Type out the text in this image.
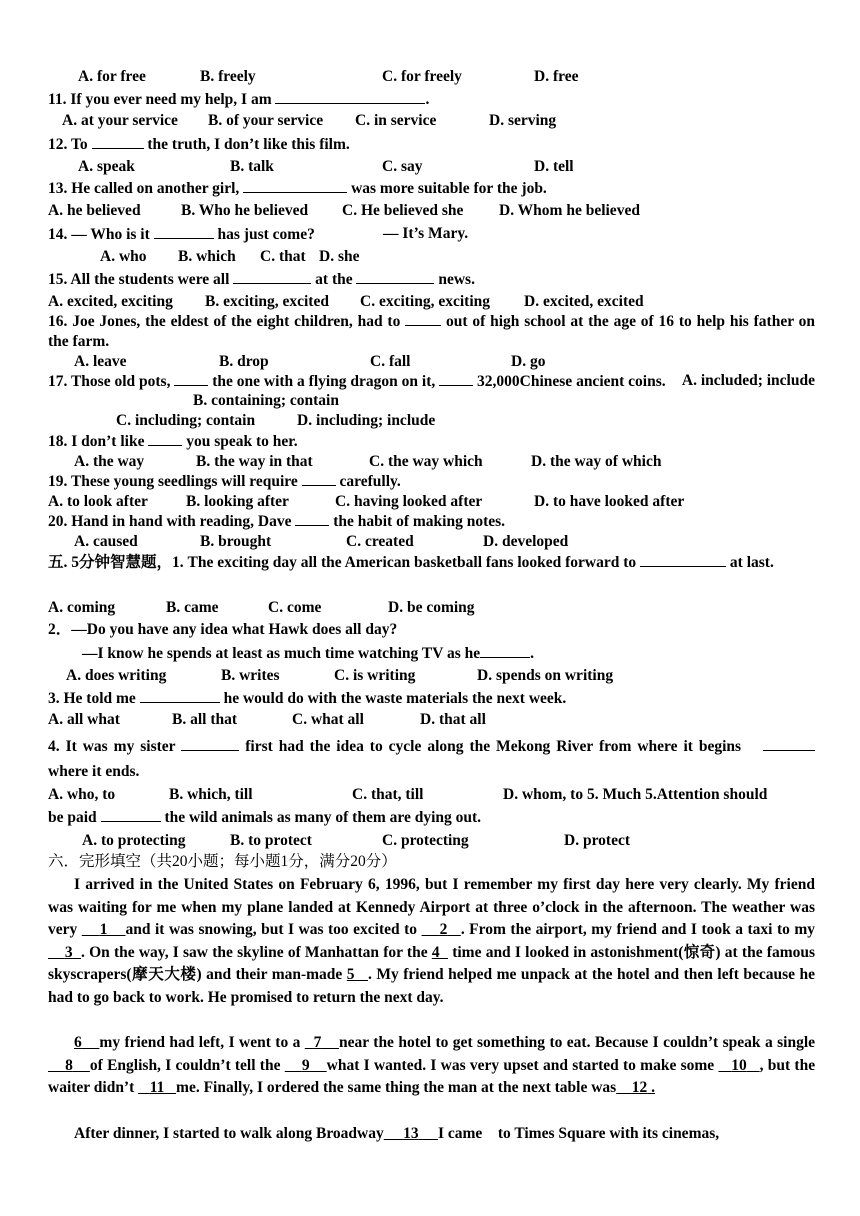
A. for free	B. freely	C. for freely	D. free
11. If you ever need my help, I am	.
A. at your service B. of your service C. in service	D. serving
12. To	the truth, I don’t like this film.
A. speak	B. talk	C. say	D. tell
13. He called on another girl,	was more suitable for the job.
A. he believed	B. Who he believed C. He believed she D. Whom he believed
14. — Who is it	has just come?	— It’s Mary.
A. who B. which C. that D. she
15. All the students were all	at the	news.
A. excited, exciting B. exciting, excited C. exciting, exciting D. excited, excited
16. Joe Jones, the eldest of the eight children, had to	out of high school at the age of 16 to help his father on the farm.
A. leave	B. drop	C. fall	D. go
17. Those old pots,	the one with a flying dragon on it,	32,000Chinese ancient coins. A. included; include
B. containing; contain
C. including; contain	D. including; include
18. I don’t like	you speak to her.
A. the way	B. the way in that	C. the way which	D. the way of which
19. These young seedlings will require	carefully.
A. to look after B. looking after	C. having looked after	D. to have looked after
20. Hand in hand with reading, Dave	the habit of making notes.
A. caused	B. brought	C. created	D. developed
五. 5分钟智慧题，1. The exciting day all the American basketball fans looked forward to	at last.
A. coming	B. came	C. come	D. be coming
2．—Do you have any idea what Hawk does all day?
—I know he spends at least as much time watching TV as he	.
A. does writing	B. writes	C. is writing	D. spends on writing
3. He told me	he would do with the waste materials the next week.
A. all what	B. all that	C. what all	D. that all
4. It was my sister	first had the idea to cycle along the Mekong River from where it begins  where it ends.
A. who, to	B. which, till	C. that, till	D. whom, to 5. Much 5.Attention should
be paid	the wild animals as many of them are dying out.
A. to protecting	B. to protect	C. protecting	D. protect
六．完形填空（共20小题；每小题1分，满分20分）
I arrived in the United States on February 6, 1996, but I remember my first day here very clearly. My friend was waiting for me when my plane landed at Kennedy Airport at three o’clock in the afternoon. The weather was very 1 and it was snowing, but I was too excited to 2 . From the airport, my friend and I took a taxi to my     3 . On the way, I saw the skyline of Manhattan for the 4 time and I looked in astonishment(惊奇) at the famous skyscrapers(摩天大楼) and their man-made 5 . My friend helped me unpack at the hotel and then left because he had to go back to work. He promised to return the next day.
6 my friend had left, I went to a 7 near the hotel to get something to eat. Because I couldn’t speak a single     8 of English, I couldn’t tell the 9 what I wanted. I was very upset and started to make some 10 , but the waiter didn’t 11 me. Finally, I ordered the same thing the man at the next table was 12 .
After dinner, I started to walk along Broadway 13 I came to Times Square with its cinemas,
